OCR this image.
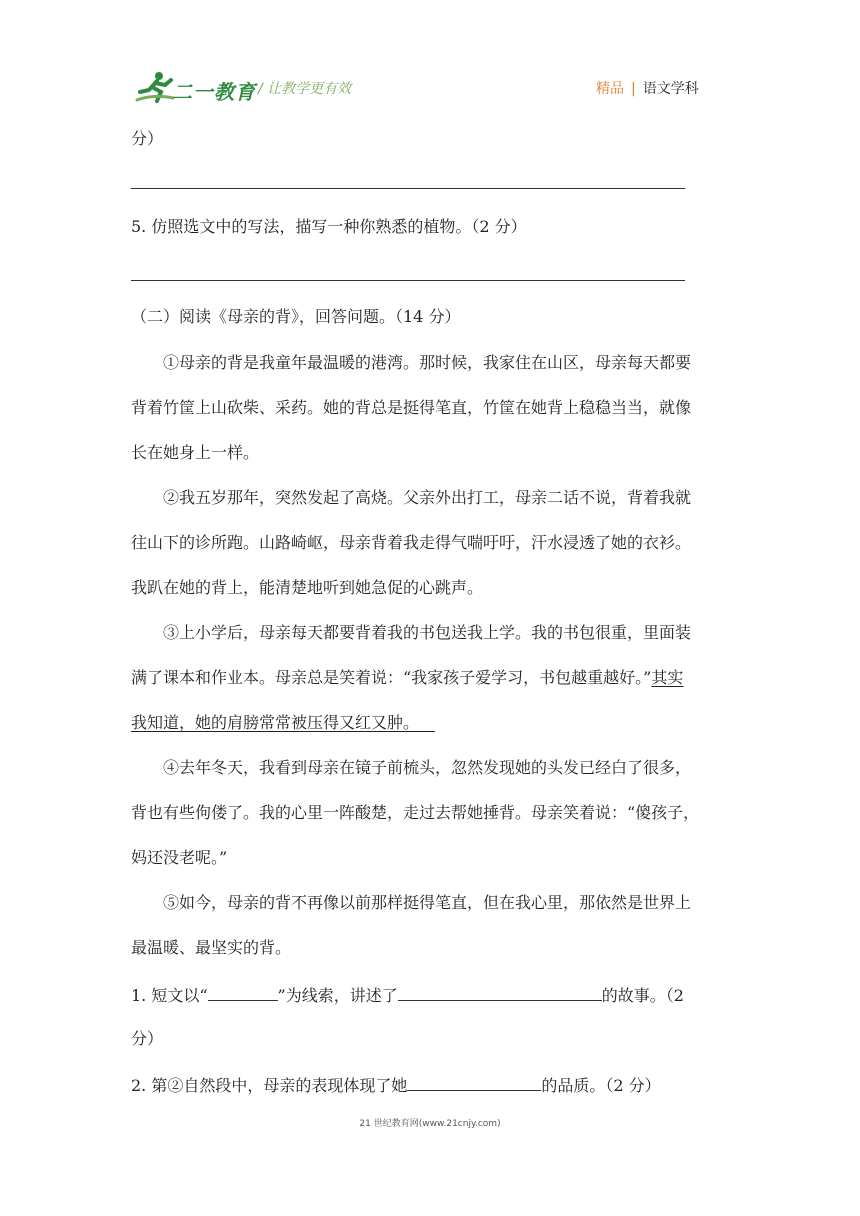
二一教育 / 让教学更有效	精品 | 语文学科
分）
5. 仿照选文中的写法，描写一种你熟悉的植物。（2 分）
（二）阅读《母亲的背》，回答问题。（14 分）
①母亲的背是我童年最温暖的港湾。那时候，我家住在山区，母亲每天都要
背着竹筐上山砍柴、采药。她的背总是挺得笔直，竹筐在她背上稳稳当当，就像
长在她身上一样。
②我五岁那年，突然发起了高烧。父亲外出打工，母亲二话不说，背着我就
往山下的诊所跑。山路崎岖，母亲背着我走得气喘吁吁，汗水浸透了她的衣衫。
我趴在她的背上，能清楚地听到她急促的心跳声。
③上小学后，母亲每天都要背着我的书包送我上学。我的书包很重，里面装
满了课本和作业本。母亲总是笑着说：“我家孩子爱学习，书包越重越好。”其实
我知道，她的肩膀常常被压得又红又肿。 
④去年冬天，我看到母亲在镜子前梳头，忽然发现她的头发已经白了很多，
背也有些佝偻了。我的心里一阵酸楚，走过去帮她捶背。母亲笑着说：“傻孩子，
妈还没老呢。”
⑤如今，母亲的背不再像以前那样挺得笔直，但在我心里，那依然是世界上
最温暖、最坚实的背。
1. 短文以“	”为线索，讲述了	的故事。（2
分）
2. 第②自然段中，母亲的表现体现了她	的品质。（2 分）
21 世纪教育网(www.21cnjy.com)
